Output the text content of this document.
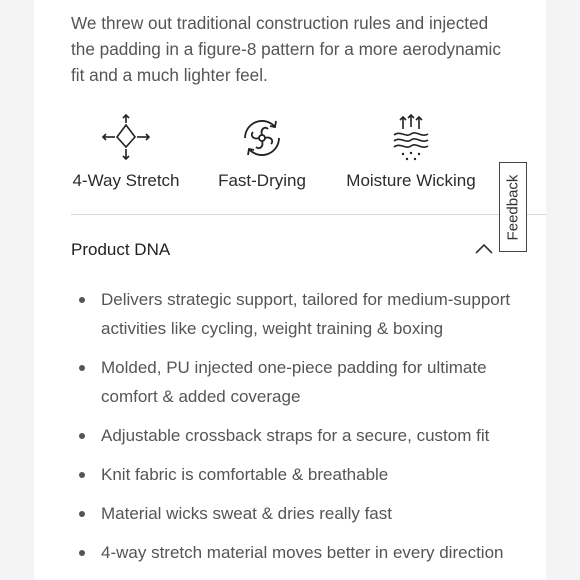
We threw out traditional construction rules and injected the padding in a figure-8 pattern for a more aerodynamic fit and a much lighter feel.

4-Way Stretch Fast-Drying Moisture Wicking
Product DNA
Delivers strategic support, tailored for medium-support activities like cycling, weight training & boxing
Molded, PU injected one-piece padding for ultimate comfort & added coverage
Adjustable crossback straps for a secure, custom fit
Knit fabric is comfortable & breathable
Material wicks sweat & dries really fast
4-way stretch material moves better in every direction
Feedback
